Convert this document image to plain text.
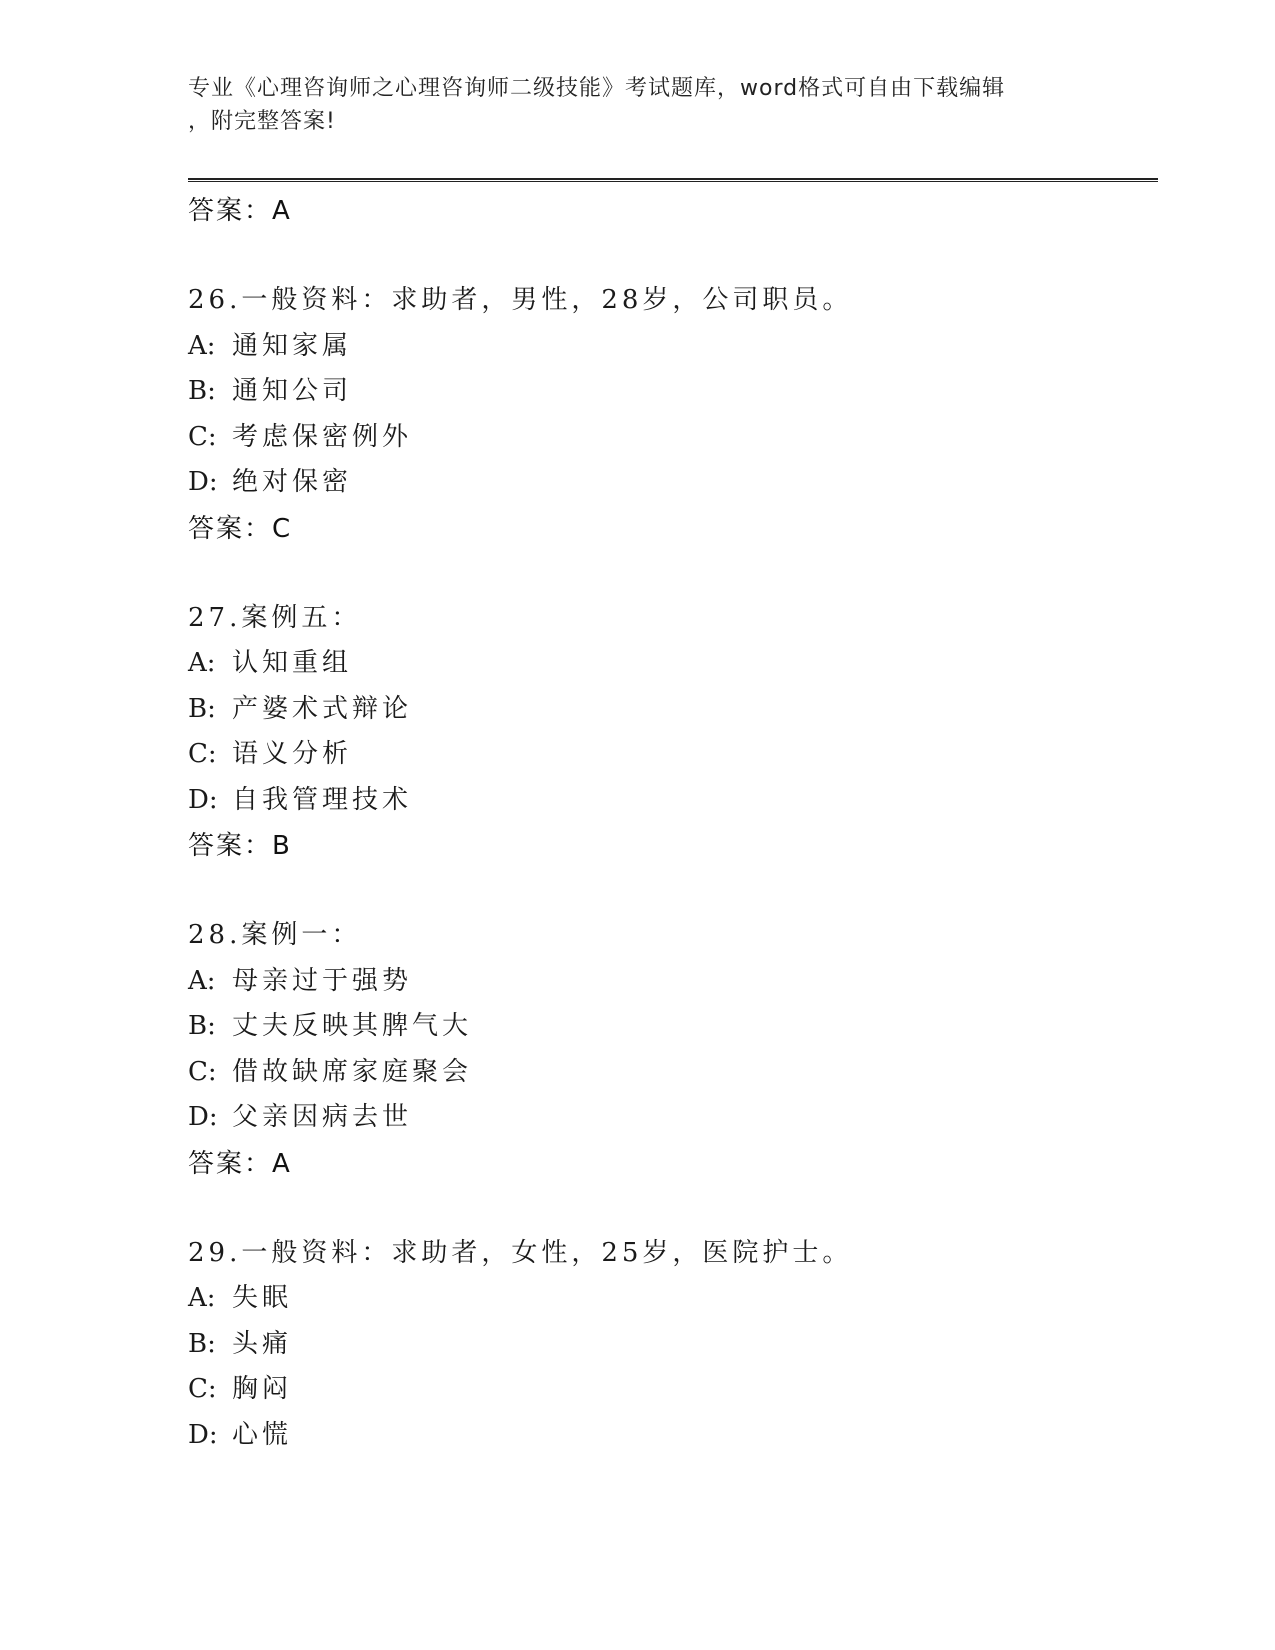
专业《心理咨询师之心理咨询师二级技能》考试题库，word格式可自由下载编辑
，附完整答案!
答案：A
26.一般资料：求助者，男性，28岁，公司职员。
A: 通知家属
B: 通知公司
C: 考虑保密例外
D: 绝对保密
答案：C
27.案例五：
A: 认知重组
B: 产婆术式辩论
C: 语义分析
D: 自我管理技术
答案：B
28.案例一：
A: 母亲过于强势
B: 丈夫反映其脾气大
C: 借故缺席家庭聚会
D: 父亲因病去世
答案：A
29.一般资料：求助者，女性，25岁，医院护士。
A: 失眠
B: 头痛
C: 胸闷
D: 心慌
